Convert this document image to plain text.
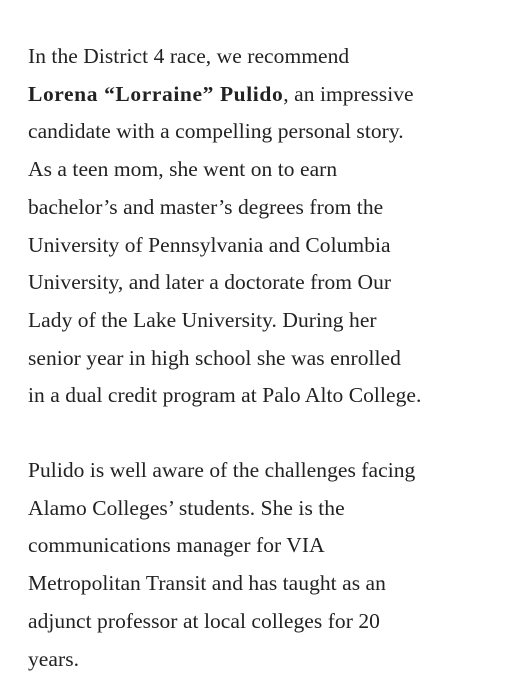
In the District 4 race, we recommend
Lorena “Lorraine” Pulido, an impressive
candidate with a compelling personal story.
As a teen mom, she went on to earn
bachelor’s and master’s degrees from the
University of Pennsylvania and Columbia
University, and later a doctorate from Our
Lady of the Lake University. During her
senior year in high school she was enrolled
in a dual credit program at Palo Alto College.

Pulido is well aware of the challenges facing
Alamo Colleges’ students. She is the
communications manager for VIA
Metropolitan Transit and has taught as an
adjunct professor at local colleges for 20
years.
